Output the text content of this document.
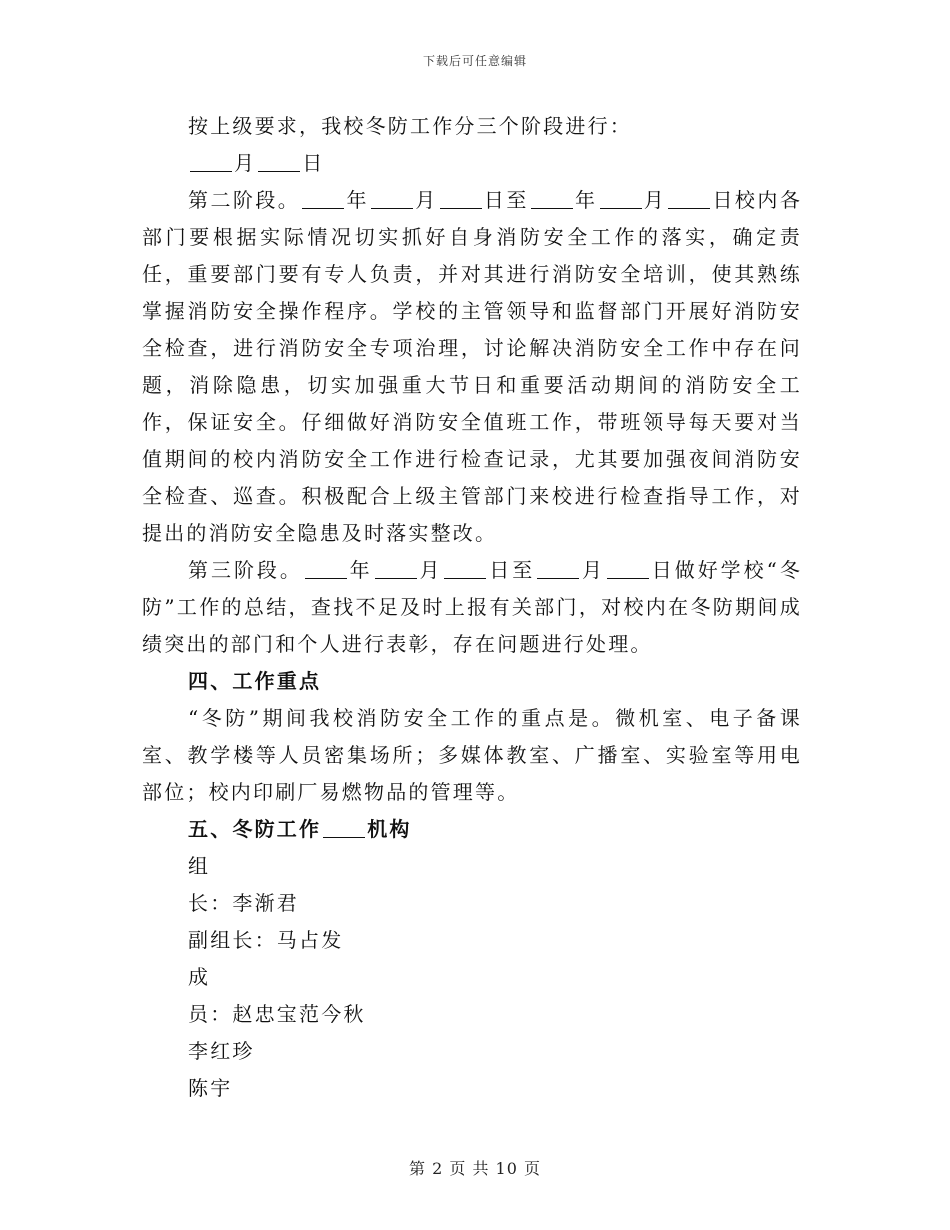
下载后可任意编辑

按上级要求，我校冬防工作分三个阶段进行：

月 日

第二阶段。 年 月 日至 年 月 日校内各部门要根据实际情况切实抓好自身消防安全工作的落实，确定责任，重要部门要有专人负责，并对其进行消防安全培训，使其熟练掌握消防安全操作程序。学校的主管领导和监督部门开展好消防安全检查，进行消防安全专项治理，讨论解决消防安全工作中存在问题，消除隐患，切实加强重大节日和重要活动期间的消防安全工作，保证安全。仔细做好消防安全值班工作，带班领导每天要对当值期间的校内消防安全工作进行检查记录，尤其要加强夜间消防安全检查、巡查。积极配合上级主管部门来校进行检查指导工作，对提出的消防安全隐患及时落实整改。

第三阶段。 年 月 日至 月 日做好学校“冬防”工作的总结，查找不足及时上报有关部门，对校内在冬防期间成绩突出的部门和个人进行表彰，存在问题进行处理。

四、工作重点

“冬防”期间我校消防安全工作的重点是。微机室、电子备课室、教学楼等人员密集场所；多媒体教室、广播室、实验室等用电部位；校内印刷厂易燃物品的管理等。

五、冬防工作 机构

组

长：李渐君

副组长：马占发

成

员：赵忠宝范今秋

李红珍

陈宇

第 2 页 共 10 页
